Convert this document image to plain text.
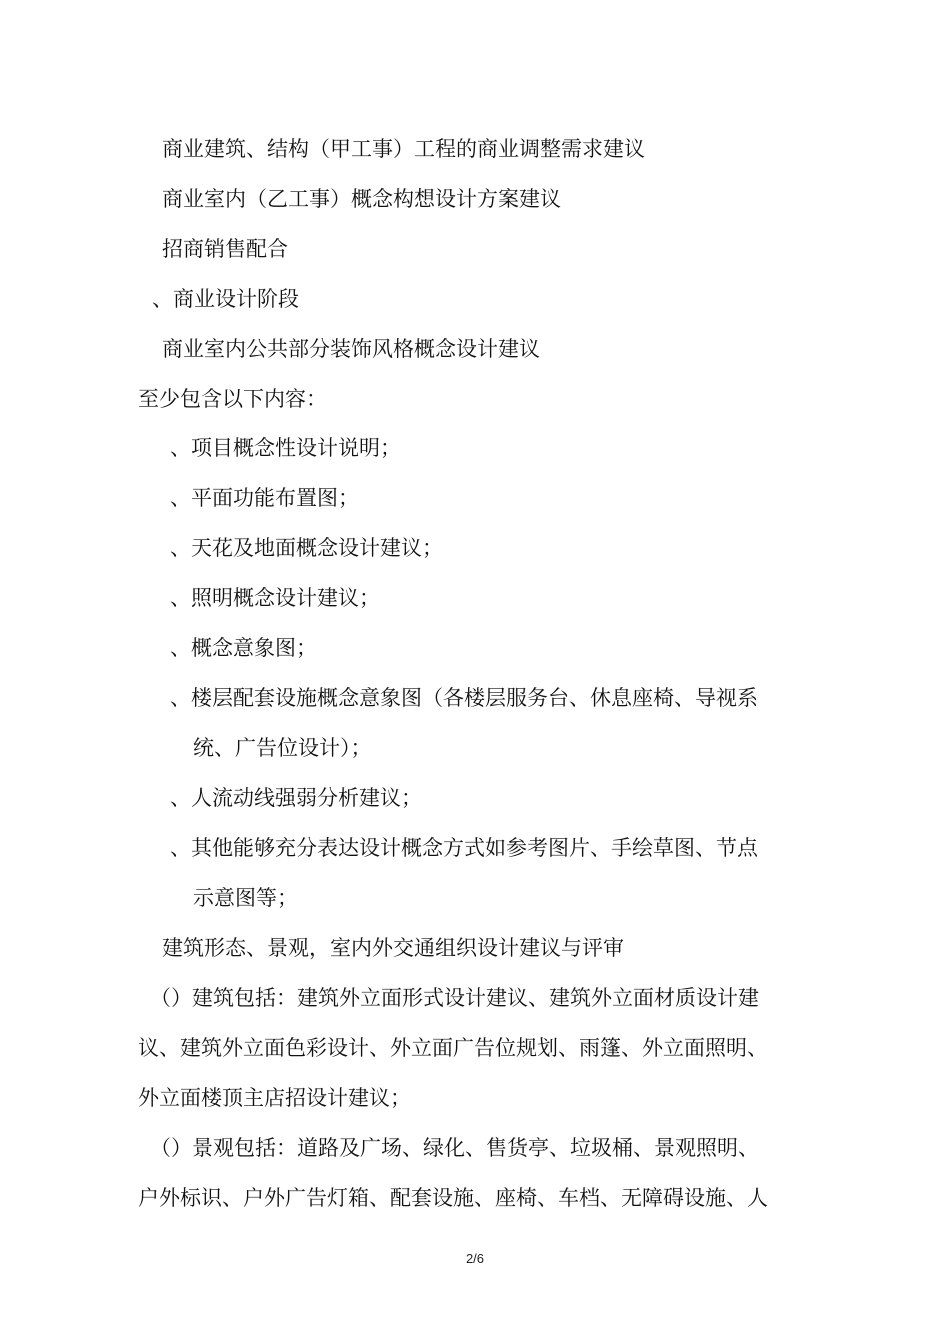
商业建筑、结构（甲工事）工程的商业调整需求建议
商业室内（乙工事）概念构想设计方案建议
招商销售配合
、商业设计阶段
商业室内公共部分装饰风格概念设计建议
至少包含以下内容：
、项目概念性设计说明；
、平面功能布置图；
、天花及地面概念设计建议；
、照明概念设计建议；
、概念意象图；
、楼层配套设施概念意象图（各楼层服务台、休息座椅、导视系
统、广告位设计）；
、人流动线强弱分析建议；
、其他能够充分表达设计概念方式如参考图片、手绘草图、节点
示意图等；
建筑形态、景观，室内外交通组织设计建议与评审
（）建筑包括：建筑外立面形式设计建议、建筑外立面材质设计建
议、建筑外立面色彩设计、外立面广告位规划、雨篷、外立面照明、
外立面楼顶主店招设计建议；
（）景观包括：道路及广场、绿化、售货亭、垃圾桶、景观照明、
户外标识、户外广告灯箱、配套设施、座椅、车档、无障碍设施、人
2/6
